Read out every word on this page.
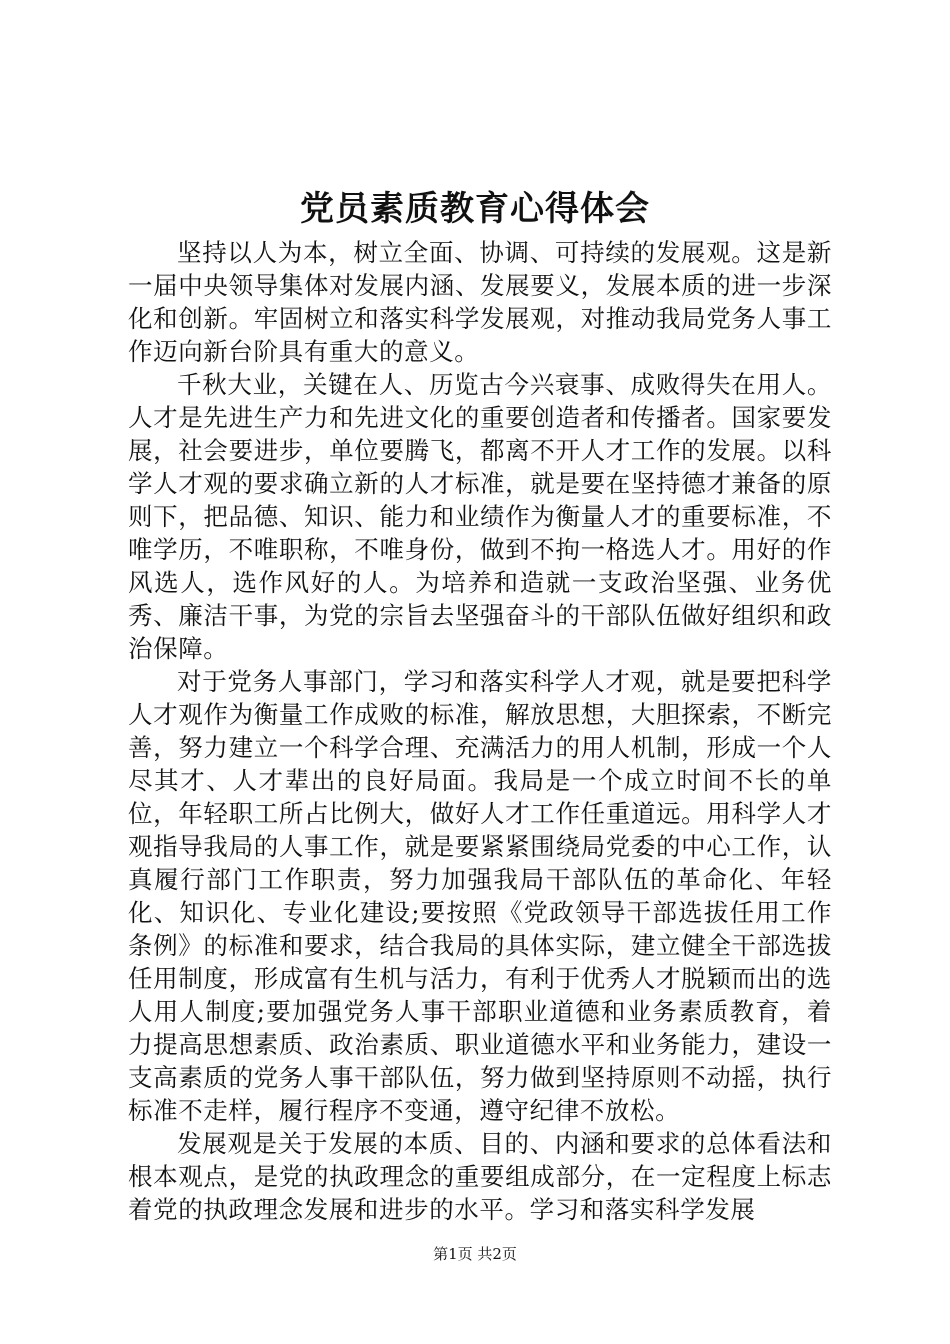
党员素质教育心得体会

坚持以人为本，树立全面、协调、可持续的发展观。这是新一届中央领导集体对发展内涵、发展要义，发展本质的进一步深化和创新。牢固树立和落实科学发展观，对推动我局党务人事工作迈向新台阶具有重大的意义。

千秋大业，关键在人、历览古今兴衰事、成败得失在用人。人才是先进生产力和先进文化的重要创造者和传播者。国家要发展，社会要进步，单位要腾飞，都离不开人才工作的发展。以科学人才观的要求确立新的人才标准，就是要在坚持德才兼备的原则下，把品德、知识、能力和业绩作为衡量人才的重要标准，不唯学历，不唯职称，不唯身份，做到不拘一格选人才。用好的作风选人，选作风好的人。为培养和造就一支政治坚强、业务优秀、廉洁干事，为党的宗旨去坚强奋斗的干部队伍做好组织和政治保障。

对于党务人事部门，学习和落实科学人才观，就是要把科学人才观作为衡量工作成败的标准，解放思想，大胆探索，不断完善，努力建立一个科学合理、充满活力的用人机制，形成一个人尽其才、人才辈出的良好局面。我局是一个成立时间不长的单位，年轻职工所占比例大，做好人才工作任重道远。用科学人才观指导我局的人事工作，就是要紧紧围绕局党委的中心工作，认真履行部门工作职责，努力加强我局干部队伍的革命化、年轻化、知识化、专业化建设;要按照《党政领导干部选拔任用工作条例》的标准和要求，结合我局的具体实际，建立健全干部选拔任用制度，形成富有生机与活力，有利于优秀人才脱颖而出的选人用人制度;要加强党务人事干部职业道德和业务素质教育，着力提高思想素质、政治素质、职业道德水平和业务能力，建设一支高素质的党务人事干部队伍，努力做到坚持原则不动摇，执行标准不走样，履行程序不变通，遵守纪律不放松。

发展观是关于发展的本质、目的、内涵和要求的总体看法和根本观点，是党的执政理念的重要组成部分，在一定程度上标志着党的执政理念发展和进步的水平。学习和落实科学发展

第1页 共2页
